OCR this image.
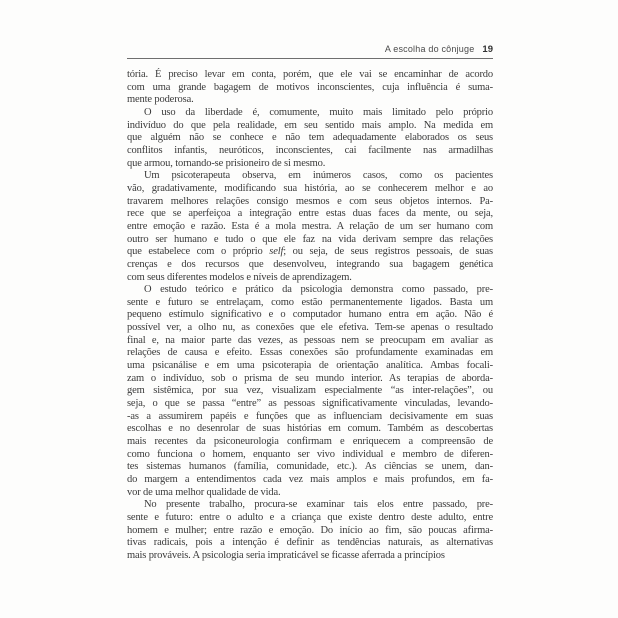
A escolha do cônjuge 19

tória. É preciso levar em conta, porém, que ele vai se encaminhar de acordo
com uma grande bagagem de motivos inconscientes, cuja influência é suma-
mente poderosa.

O uso da liberdade é, comumente, muito mais limitado pelo próprio
indivíduo do que pela realidade, em seu sentido mais amplo. Na medida em
que alguém não se conhece e não tem adequadamente elaborados os seus
conflitos infantis, neuróticos, inconscientes, cai facilmente nas armadilhas
que armou, tornando-se prisioneiro de si mesmo.

Um psicoterapeuta observa, em inúmeros casos, como os pacientes
vão, gradativamente, modificando sua história, ao se conhecerem melhor e ao
travarem melhores relações consigo mesmos e com seus objetos internos. Pa-
rece que se aperfeiçoa a integração entre estas duas faces da mente, ou seja,
entre emoção e razão. Esta é a mola mestra. A relação de um ser humano com
outro ser humano e tudo o que ele faz na vida derivam sempre das relações
que estabelece com o próprio self; ou seja, de seus registros pessoais, de suas
crenças e dos recursos que desenvolveu, integrando sua bagagem genética
com seus diferentes modelos e níveis de aprendizagem.

O estudo teórico e prático da psicologia demonstra como passado, pre-
sente e futuro se entrelaçam, como estão permanentemente ligados. Basta um
pequeno estímulo significativo e o computador humano entra em ação. Não é
possível ver, a olho nu, as conexões que ele efetiva. Tem-se apenas o resultado
final e, na maior parte das vezes, as pessoas nem se preocupam em avaliar as
relações de causa e efeito. Essas conexões são profundamente examinadas em
uma psicanálise e em uma psicoterapia de orientação analítica. Ambas focali-
zam o indivíduo, sob o prisma de seu mundo interior. As terapias de aborda-
gem sistêmica, por sua vez, visualizam especialmente “as inter-relações”, ou
seja, o que se passa “entre” as pessoas significativamente vinculadas, levando-
-as a assumirem papéis e funções que as influenciam decisivamente em suas
escolhas e no desenrolar de suas histórias em comum. Também as descobertas
mais recentes da psiconeurologia confirmam e enriquecem a compreensão de
como funciona o homem, enquanto ser vivo individual e membro de diferen-
tes sistemas humanos (família, comunidade, etc.). As ciências se unem, dan-
do margem a entendimentos cada vez mais amplos e mais profundos, em fa-
vor de uma melhor qualidade de vida.

No presente trabalho, procura-se examinar tais elos entre passado, pre-
sente e futuro: entre o adulto e a criança que existe dentro deste adulto, entre
homem e mulher; entre razão e emoção. Do início ao fim, são poucas afirma-
tivas radicais, pois a intenção é definir as tendências naturais, as alternativas
mais prováveis. A psicologia seria impraticável se ficasse aferrada a princípios
